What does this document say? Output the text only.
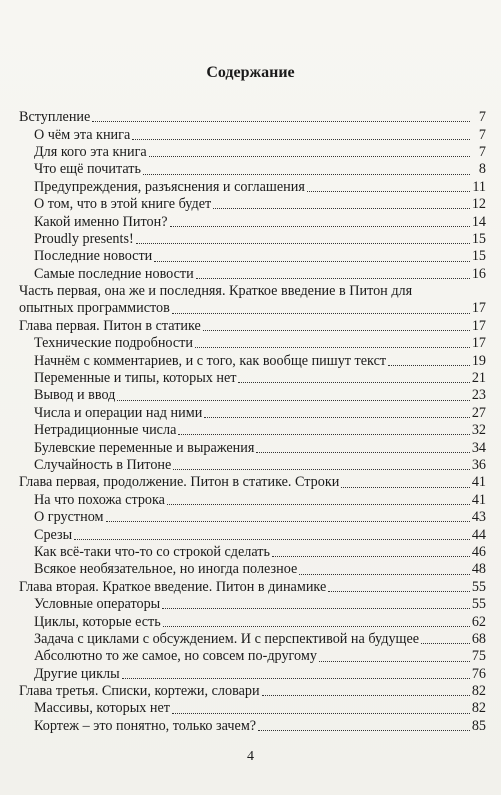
Содержание
Вступление	7
О чём эта книга	7
Для кого эта книга	7
Что ещё почитать	8
Предупреждения, разъяснения и соглашения	11
О том, что в этой книге будет	12
Какой именно Питон?	14
Proudly presents!	15
Последние новости	15
Самые последние новости	16
Часть первая, она же и последняя. Краткое введение в Питон для
опытных программистов	17
Глава первая. Питон в статике	17
Технические подробности	17
Начнём с комментариев, и с того, как вообще пишут текст	19
Переменные и типы, которых нет	21
Вывод и ввод	23
Числа и операции над ними	27
Нетрадиционные числа	32
Булевские переменные и выражения	34
Случайность в Питоне	36
Глава первая, продолжение. Питон в статике. Строки	41
На что похожа строка	41
О грустном	43
Срезы	44
Как всё-таки что-то со строкой сделать	46
Всякое необязательное, но иногда полезное	48
Глава вторая. Краткое введение. Питон в динамике	55
Условные операторы	55
Циклы, которые есть	62
Задача с циклами с обсуждением. И с перспективой на будущее	68
Абсолютно то же самое, но совсем по-другому	75
Другие циклы	76
Глава третья. Списки, кортежи, словари	82
Массивы, которых нет	82
Кортеж – это понятно, только зачем?	85
4
